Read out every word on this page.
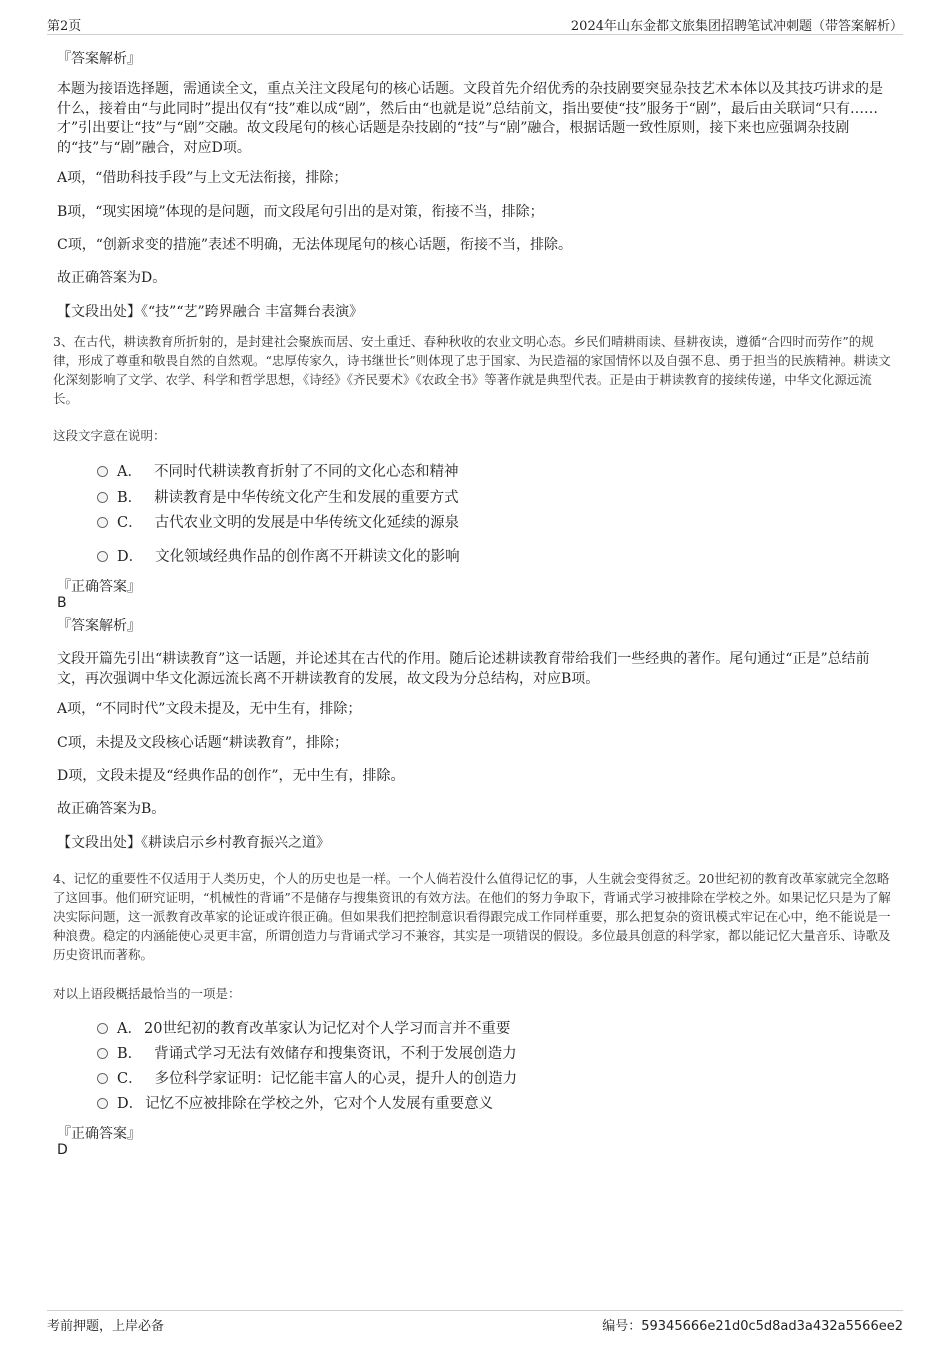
第2页	2024年山东金都文旅集团招聘笔试冲刺题（带答案解析）
『答案解析』
本题为接语选择题，需通读全文，重点关注文段尾句的核心话题。文段首先介绍优秀的杂技剧要突显杂技艺术本体以及其技巧讲求的是什么，接着由“与此同时”提出仅有“技”难以成“剧”，然后由“也就是说”总结前文，指出要使“技”服务于“剧”，最后由关联词“只有……才”引出要让“技”与“剧”交融。故文段尾句的核心话题是杂技剧的“技”与“剧”融合，根据话题一致性原则，接下来也应强调杂技剧的“技”与“剧”融合，对应D项。
A项，“借助科技手段”与上文无法衔接，排除；
B项，“现实困境”体现的是问题，而文段尾句引出的是对策，衔接不当，排除；
C项，“创新求变的措施”表述不明确，无法体现尾句的核心话题，衔接不当，排除。
故正确答案为D。
【文段出处】《“技”“艺”跨界融合 丰富舞台表演》
3、在古代，耕读教育所折射的，是封建社会聚族而居、安土重迁、春种秋收的农业文明心态。乡民们晴耕雨读、昼耕夜读，遵循“合四时而劳作”的规律，形成了尊重和敬畏自然的自然观。“忠厚传家久，诗书继世长”则体现了忠于国家、为民造福的家国情怀以及自强不息、勇于担当的民族精神。耕读文化深刻影响了文学、农学、科学和哲学思想，《诗经》《齐民要术》《农政全书》等著作就是典型代表。正是由于耕读教育的接续传递，中华文化源远流长。
这段文字意在说明：
A． 不同时代耕读教育折射了不同的文化心态和精神
B． 耕读教育是中华传统文化产生和发展的重要方式
C． 古代农业文明的发展是中华传统文化延续的源泉
D． 文化领域经典作品的创作离不开耕读文化的影响
『正确答案』
B
『答案解析』
文段开篇先引出“耕读教育”这一话题，并论述其在古代的作用。随后论述耕读教育带给我们一些经典的著作。尾句通过“正是”总结前文，再次强调中华文化源远流长离不开耕读教育的发展，故文段为分总结构，对应B项。
A项，“不同时代”文段未提及，无中生有，排除；
C项，未提及文段核心话题“耕读教育”，排除；
D项，文段未提及“经典作品的创作”，无中生有，排除。
故正确答案为B。
【文段出处】《耕读启示乡村教育振兴之道》
4、记忆的重要性不仅适用于人类历史，个人的历史也是一样。一个人倘若没什么值得记忆的事，人生就会变得贫乏。20世纪初的教育改革家就完全忽略了这回事。他们研究证明，“机械性的背诵”不是储存与搜集资讯的有效方法。在他们的努力争取下，背诵式学习被排除在学校之外。如果记忆只是为了解决实际问题，这一派教育改革家的论证或许很正确。但如果我们把控制意识看得跟完成工作同样重要，那么把复杂的资讯模式牢记在心中，绝不能说是一种浪费。稳定的内涵能使心灵更丰富，所谓创造力与背诵式学习不兼容，其实是一项错误的假设。多位最具创意的科学家，都以能记忆大量音乐、诗歌及历史资讯而著称。
对以上语段概括最恰当的一项是：
A． 20世纪初的教育改革家认为记忆对个人学习而言并不重要
B． 背诵式学习无法有效储存和搜集资讯，不利于发展创造力
C． 多位科学家证明：记忆能丰富人的心灵，提升人的创造力
D． 记忆不应被排除在学校之外，它对个人发展有重要意义
『正确答案』
D
考前押题，上岸必备	编号：59345666e21d0c5d8ad3a432a5566ee2
